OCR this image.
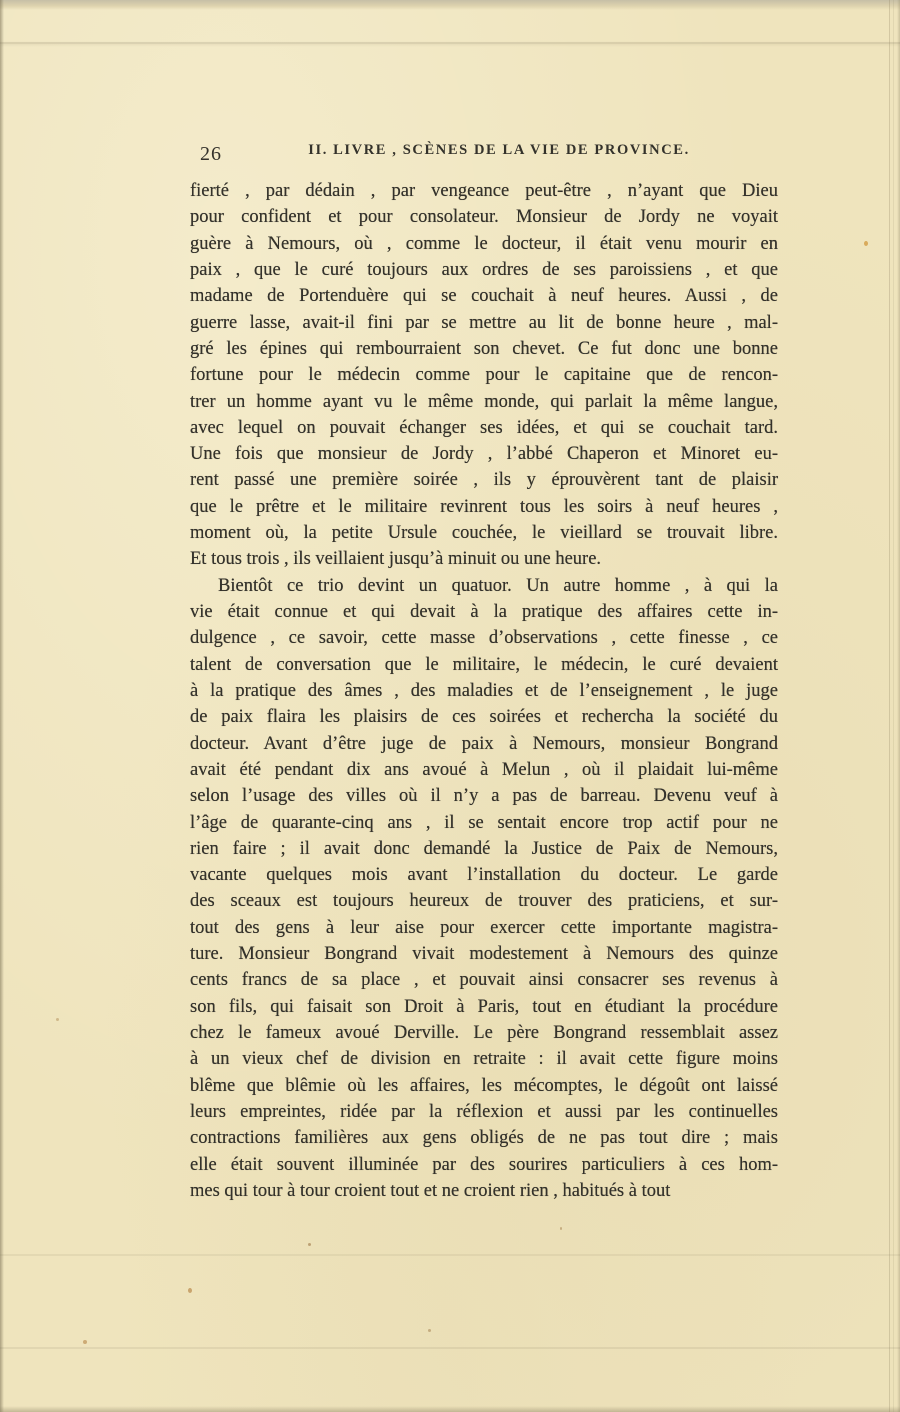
26	II. LIVRE , SCÈNES DE LA VIE DE PROVINCE.
fierté , par dédain , par vengeance peut-être , n’ayant que Dieu
pour confident et pour consolateur. Monsieur de Jordy ne voyait
guère à Nemours, où , comme le docteur, il était venu mourir en
paix , que le curé toujours aux ordres de ses paroissiens , et que
madame de Portenduère qui se couchait à neuf heures. Aussi , de
guerre lasse, avait-il fini par se mettre au lit de bonne heure , mal-
gré les épines qui rembourraient son chevet. Ce fut donc une bonne
fortune pour le médecin comme pour le capitaine que de rencon-
trer un homme ayant vu le même monde, qui parlait la même langue,
avec lequel on pouvait échanger ses idées, et qui se couchait tard.
Une fois que monsieur de Jordy , l’abbé Chaperon et Minoret eu-
rent passé une première soirée , ils y éprouvèrent tant de plaisir
que le prêtre et le militaire revinrent tous les soirs à neuf heures ,
moment où, la petite Ursule couchée, le vieillard se trouvait libre.
Et tous trois , ils veillaient jusqu’à minuit ou une heure.
Bientôt ce trio devint un quatuor. Un autre homme , à qui la
vie était connue et qui devait à la pratique des affaires cette in-
dulgence , ce savoir, cette masse d’observations , cette finesse , ce
talent de conversation que le militaire, le médecin, le curé devaient
à la pratique des âmes , des maladies et de l’enseignement , le juge
de paix flaira les plaisirs de ces soirées et rechercha la société du
docteur. Avant d’être juge de paix à Nemours, monsieur Bongrand
avait été pendant dix ans avoué à Melun , où il plaidait lui-même
selon l’usage des villes où il n’y a pas de barreau. Devenu veuf à
l’âge de quarante-cinq ans , il se sentait encore trop actif pour ne
rien faire ; il avait donc demandé la Justice de Paix de Nemours,
vacante quelques mois avant l’installation du docteur. Le garde
des sceaux est toujours heureux de trouver des praticiens, et sur-
tout des gens à leur aise pour exercer cette importante magistra-
ture. Monsieur Bongrand vivait modestement à Nemours des quinze
cents francs de sa place , et pouvait ainsi consacrer ses revenus à
son fils, qui faisait son Droit à Paris, tout en étudiant la procédure
chez le fameux avoué Derville. Le père Bongrand ressemblait assez
à un vieux chef de division en retraite : il avait cette figure moins
blême que blêmie où les affaires, les mécomptes, le dégoût ont laissé
leurs empreintes, ridée par la réflexion et aussi par les continuelles
contractions familières aux gens obligés de ne pas tout dire ; mais
elle était souvent illuminée par des sourires particuliers à ces hom-
mes qui tour à tour croient tout et ne croient rien , habitués à tout
